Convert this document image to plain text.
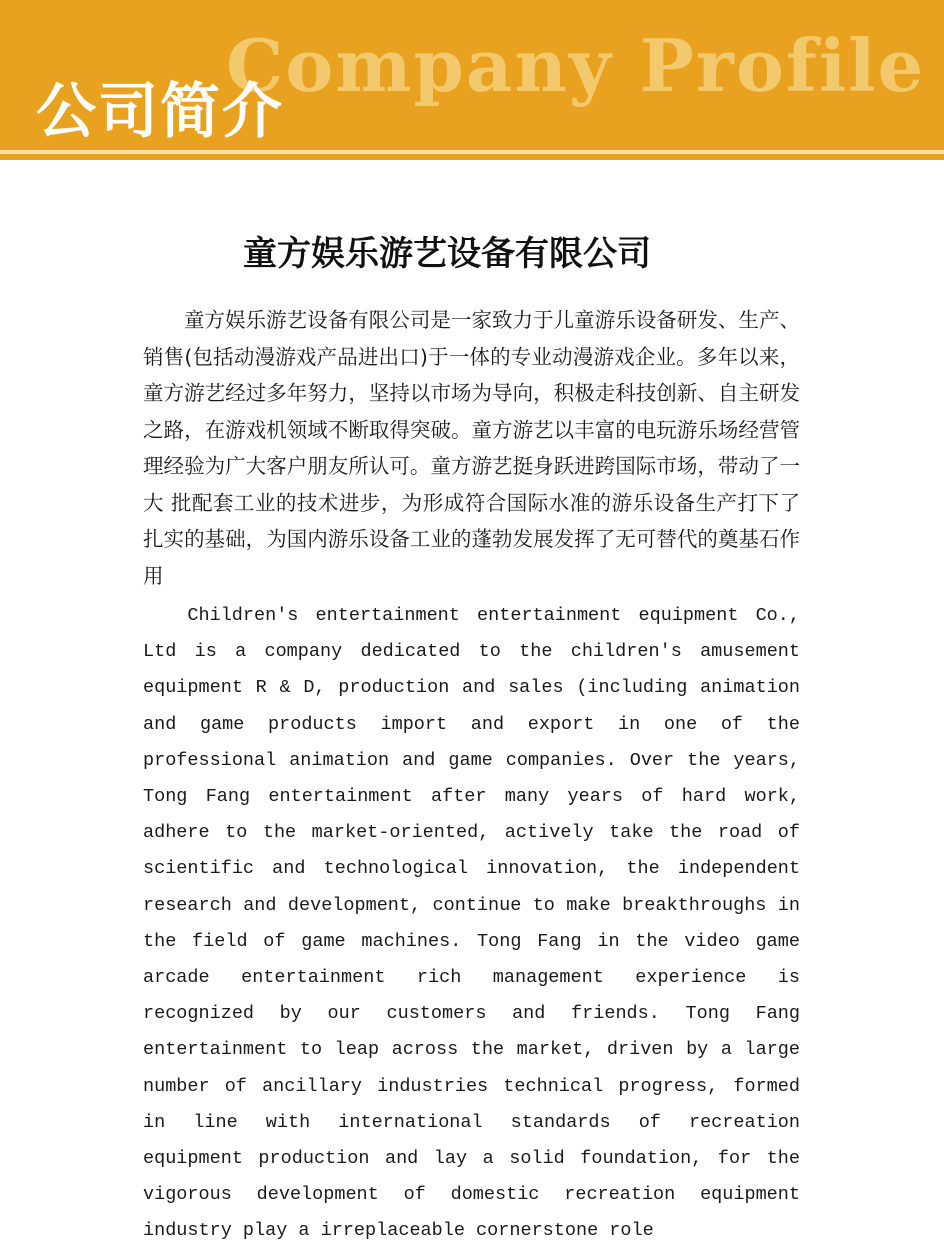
Company Profile
公司简介
童方娱乐游艺设备有限公司

童方娱乐游艺设备有限公司是一家致力于儿童游乐设备研发、生产、销售(包括动漫游戏产品进出口)于一体的专业动漫游戏企业。多年以来，童方游艺经过多年努力，坚持以市场为导向，积极走科技创新、自主研发之路，在游戏机领域不断取得突破。童方游艺以丰富的电玩游乐场经营管理经验为广大客户朋友所认可。童方游艺挺身跃进跨国际市场，带动了一大 批配套工业的技术进步，为形成符合国际水准的游乐设备生产打下了扎实的基础，为国内游乐设备工业的蓬勃发展发挥了无可替代的奠基石作用

Children's entertainment entertainment equipment Co., Ltd is a company dedicated to the children's amusement equipment R & D, production and sales (including animation and game products import and export in one of the professional animation and game companies. Over the years, Tong Fang entertainment after many years of hard work, adhere to the market-oriented, actively take the road of scientific and technological innovation, the independent research and development, continue to make breakthroughs in the field of game machines. Tong Fang in the video game arcade entertainment rich management experience is recognized by our customers and friends. Tong Fang entertainment to leap across the market, driven by a large number of ancillary industries technical progress, formed in line with international standards of recreation equipment production and lay a solid foundation, for the vigorous development of domestic recreation equipment industry play a irreplaceable cornerstone role
